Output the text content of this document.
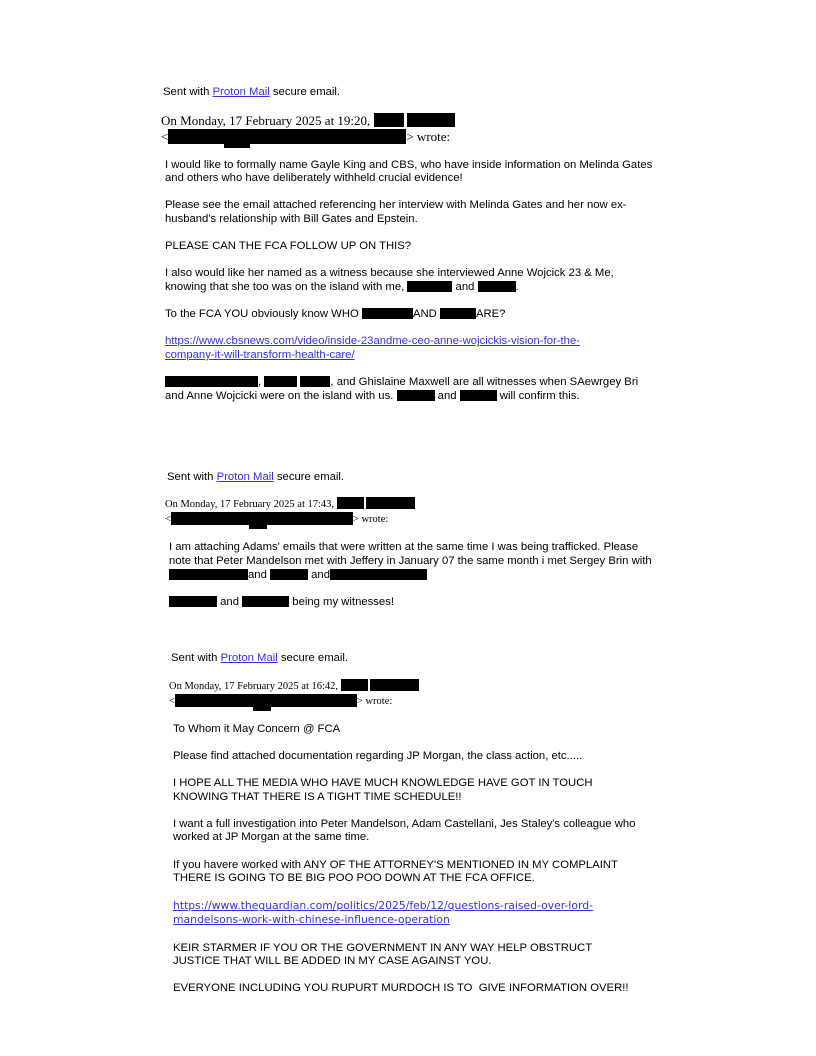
Sent with Proton Mail secure email.
On Monday, 17 February 2025 at 19:20,
<	> wrote:

I would like to formally name Gayle King and CBS, who have inside information on Melinda Gates and others who have deliberately withheld crucial evidence!

Please see the email attached referencing her interview with Melinda Gates and her now ex-husband's relationship with Bill Gates and Epstein.

PLEASE CAN THE FCA FOLLOW UP ON THIS?

I also would like her named as a witness because she interviewed Anne Wojcick 23 & Me, knowing that she too was on the island with me,	and	.

To the FCA YOU obviously know WHO	AND	ARE?

https://www.cbsnews.com/video/inside-23andme-ceo-anne-wojcickis-vision-for-the-company-it-will-transform-health-care/

,	, and Ghislaine Maxwell are all witnesses when SAewrgey Bri and Anne Wojcicki were on the island with us.	and	will confirm this.

Sent with Proton Mail secure email.
On Monday, 17 February 2025 at 17:43,
<	> wrote:

I am attaching Adams' emails that were written at the same time I was being trafficked. Please note that Peter Mandelson met with Jeffery in January 07 the same month i met Sergey Brin with and	and

and	being my witnesses!

Sent with Proton Mail secure email.
On Monday, 17 February 2025 at 16:42,
<	> wrote:

To Whom it May Concern @ FCA

Please find attached documentation regarding JP Morgan, the class action, etc.....

I HOPE ALL THE MEDIA WHO HAVE MUCH KNOWLEDGE HAVE GOT IN TOUCH KNOWING THAT THERE IS A TIGHT TIME SCHEDULE!!

I want a full investigation into Peter Mandelson, Adam Castellani, Jes Staley's colleague who worked at JP Morgan at the same time.

If you havere worked with ANY OF THE ATTORNEY'S MENTIONED IN MY COMPLAINT THERE IS GOING TO BE BIG POO POO DOWN AT THE FCA OFFICE.

https://www.theguardian.com/politics/2025/feb/12/questions-raised-over-lord-mandelsons-work-with-chinese-influence-operation

KEIR STARMER IF YOU OR THE GOVERNMENT IN ANY WAY HELP OBSTRUCT JUSTICE THAT WILL BE ADDED IN MY CASE AGAINST YOU.

EVERYONE INCLUDING YOU RUPURT MURDOCH IS TO  GIVE INFORMATION OVER!!
